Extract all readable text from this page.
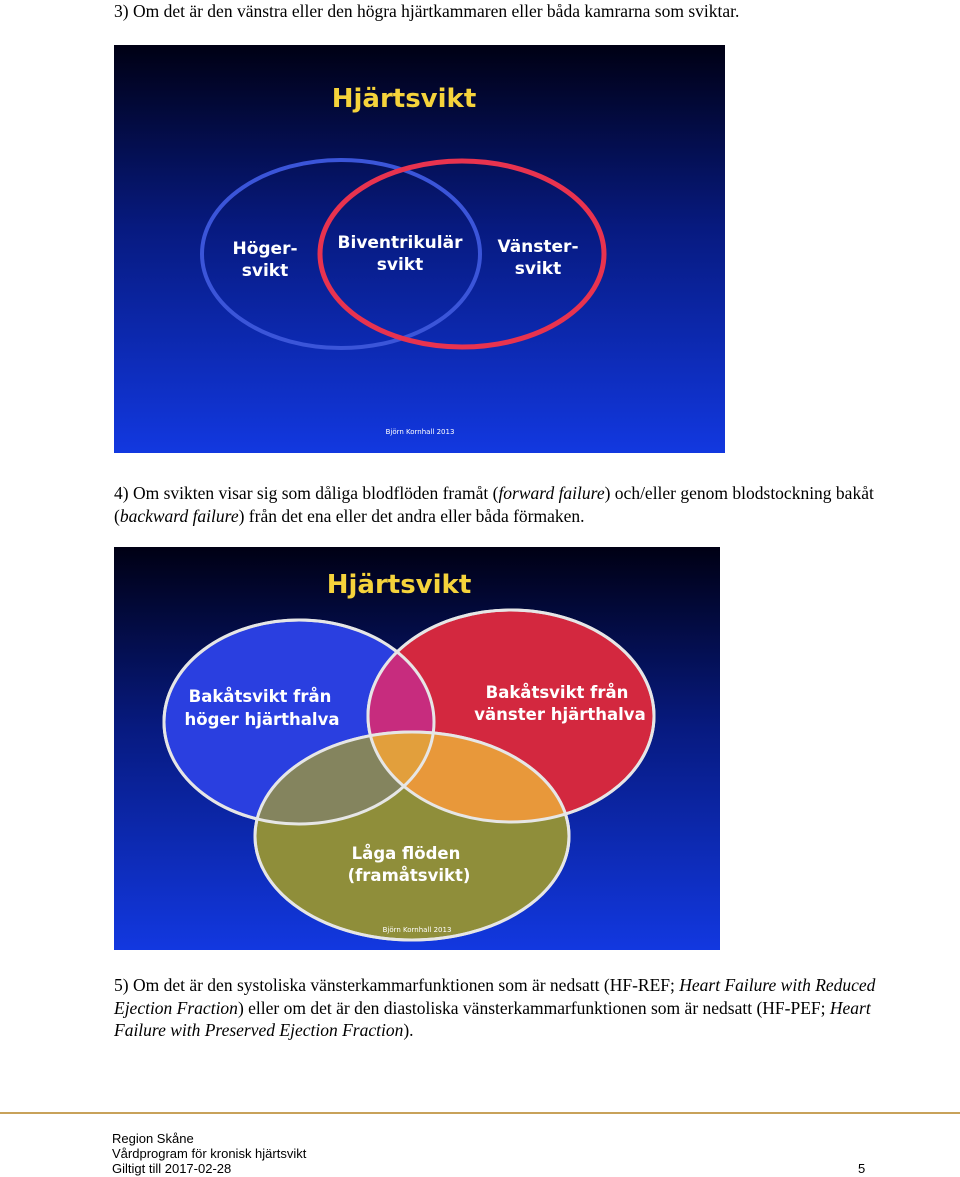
3) Om det är den vänstra eller den högra hjärtkammaren eller båda kamrarna som sviktar.

Hjärtsvikt
Höger-
svikt
Biventrikulär
svikt
Vänster-
svikt
Björn Kornhall 2013

4) Om svikten visar sig som dåliga blodflöden framåt (forward failure) och/eller genom blodstockning bakåt (backward failure) från det ena eller det andra eller båda förmaken.

Hjärtsvikt
Bakåtsvikt från
höger hjärthalva
Bakåtsvikt från
vänster hjärthalva
Låga flöden
(framåtsvikt)
Björn Kornhall 2013

5) Om det är den systoliska vänsterkammarfunktionen som är nedsatt (HF-REF; Heart Failure with Reduced Ejection Fraction) eller om det är den diastoliska vänsterkammarfunktionen som är nedsatt (HF-PEF; Heart Failure with Preserved Ejection Fraction).

Region Skåne
Vårdprogram för kronisk hjärtsvikt
Giltigt till 2017-02-28	5
